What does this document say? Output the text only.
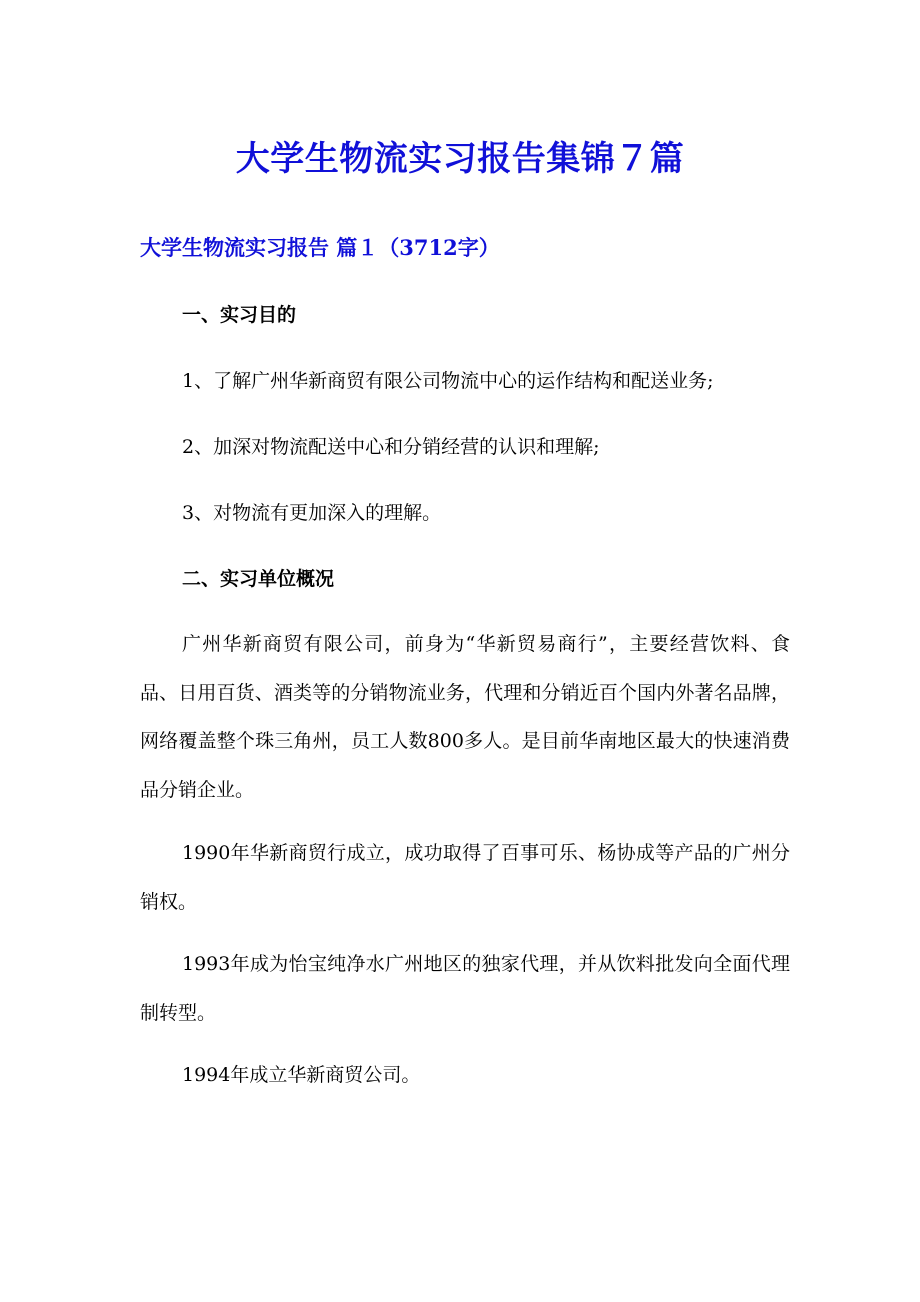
大学生物流实习报告集锦７篇
大学生物流实习报告 篇１（3712字）
一、实习目的

1、了解广州华新商贸有限公司物流中心的运作结构和配送业务;

2、加深对物流配送中心和分销经营的认识和理解;

3、对物流有更加深入的理解。

二、实习单位概况

广州华新商贸有限公司，前身为“华新贸易商行”，主要经营饮料、食品、日用百货、酒类等的分销物流业务，代理和分销近百个国内外著名品牌，网络覆盖整个珠三角州，员工人数800多人。是目前华南地区最大的快速消费品分销企业。

1990年华新商贸行成立，成功取得了百事可乐、杨协成等产品的广州分销权。

1993年成为怡宝纯净水广州地区的独家代理，并从饮料批发向全面代理制转型。

1994年成立华新商贸公司。
